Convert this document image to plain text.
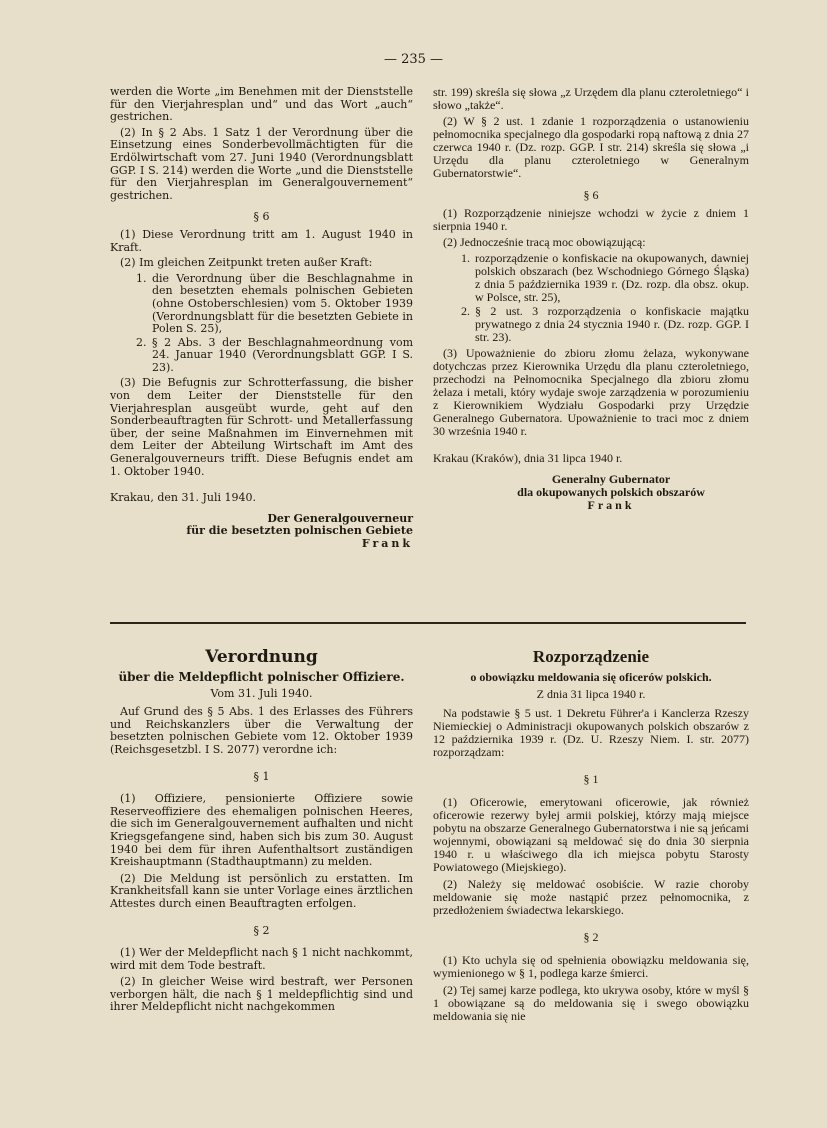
— 235 —

werden die Worte „im Benehmen mit der Dienststelle für den Vierjahresplan und“ und das Wort „auch“ gestrichen.

(2) In § 2 Abs. 1 Satz 1 der Verordnung über die Einsetzung eines Sonderbevollmächtigten für die Erdölwirtschaft vom 27. Juni 1940 (Verordnungsblatt GGP. I S. 214) werden die Worte „und die Dienststelle für den Vierjahresplan im Generalgouvernement“ gestrichen.

§ 6

(1) Diese Verordnung tritt am 1. August 1940 in Kraft.

(2) Im gleichen Zeitpunkt treten außer Kraft:

1. die Verordnung über die Beschlagnahme in den besetzten ehemals polnischen Gebieten (ohne Ostoberschlesien) vom 5. Oktober 1939 (Verordnungsblatt für die besetzten Gebiete in Polen S. 25),
2. § 2 Abs. 3 der Beschlagnahmeordnung vom 24. Januar 1940 (Verordnungsblatt GGP. I S. 23).

(3) Die Befugnis zur Schrotterfassung, die bisher von dem Leiter der Dienststelle für den Vierjahresplan ausgeübt wurde, geht auf den Sonderbeauftragten für Schrott- und Metallerfassung über, der seine Maßnahmen im Einvernehmen mit dem Leiter der Abteilung Wirtschaft im Amt des Generalgouverneurs trifft. Diese Befugnis endet am 1. Oktober 1940.

Krakau, den 31. Juli 1940.

Der Generalgouverneur
für die besetzten polnischen Gebiete
Frank

str. 199) skreśla się słowa „z Urzędem dla planu czteroletniego“ i słowo „także“.

(2) W § 2 ust. 1 zdanie 1 rozporządzenia o ustanowieniu pełnomocnika specjalnego dla gospodarki ropą naftową z dnia 27 czerwca 1940 r. (Dz. rozp. GGP. I str. 214) skreśla się słowa „i Urzędu dla planu czteroletniego w Generalnym Gubernatorstwie“.

§ 6

(1) Rozporządzenie niniejsze wchodzi w życie z dniem 1 sierpnia 1940 r.

(2) Jednocześnie tracą moc obowiązującą:

1. rozporządzenie o konfiskacie na okupowanych, dawniej polskich obszarach (bez Wschodniego Górnego Śląska) z dnia 5 października 1939 r. (Dz. rozp. dla obsz. okup. w Polsce, str. 25),
2. § 2 ust. 3 rozporządzenia o konfiskacie majątku prywatnego z dnia 24 stycznia 1940 r. (Dz. rozp. GGP. I str. 23).

(3) Upoważnienie do zbioru złomu żelaza, wykonywane dotychczas przez Kierownika Urzędu dla planu czteroletniego, przechodzi na Pełnomocnika Specjalnego dla zbioru złomu żelaza i metali, który wydaje swoje zarządzenia w porozumieniu z Kierownikiem Wydziału Gospodarki przy Urzędzie Generalnego Gubernatora. Upoważnienie to traci moc z dniem 30 września 1940 r.

Krakau (Kraków), dnia 31 lipca 1940 r.

Generalny Gubernator
dla okupowanych polskich obszarów
Frank
Verordnung
über die Meldepflicht polnischer Offiziere.
Vom 31. Juli 1940.

Auf Grund des § 5 Abs. 1 des Erlasses des Führers und Reichskanzlers über die Verwaltung der besetzten polnischen Gebiete vom 12. Oktober 1939 (Reichsgesetzbl. I S. 2077) verordne ich:

§ 1

(1) Offiziere, pensionierte Offiziere sowie Reserveoffiziere des ehemaligen polnischen Heeres, die sich im Generalgouvernement aufhalten und nicht Kriegsgefangene sind, haben sich bis zum 30. August 1940 bei dem für ihren Aufenthaltsort zuständigen Kreishauptmann (Stadthauptmann) zu melden.

(2) Die Meldung ist persönlich zu erstatten. Im Krankheitsfall kann sie unter Vorlage eines ärztlichen Attestes durch einen Beauftragten erfolgen.

§ 2

(1) Wer der Meldepflicht nach § 1 nicht nachkommt, wird mit dem Tode bestraft.

(2) In gleicher Weise wird bestraft, wer Personen verborgen hält, die nach § 1 meldepflichtig sind und ihrer Meldepflicht nicht nachgekommen

Rozporządzenie
o obowiązku meldowania się oficerów polskich.
Z dnia 31 lipca 1940 r.

Na podstawie § 5 ust. 1 Dekretu Führer'a i Kanclerza Rzeszy Niemieckiej o Administracji okupowanych polskich obszarów z 12 października 1939 r. (Dz. U. Rzeszy Niem. I. str. 2077) rozporządzam:

§ 1

(1) Oficerowie, emerytowani oficerowie, jak również oficerowie rezerwy byłej armii polskiej, którzy mają miejsce pobytu na obszarze Generalnego Gubernatorstwa i nie są jeńcami wojennymi, obowiązani są meldować się do dnia 30 sierpnia 1940 r. u właściwego dla ich miejsca pobytu Starosty Powiatowego (Miejskiego).

(2) Należy się meldować osobiście. W razie choroby meldowanie się może nastąpić przez pełnomocnika, z przedłożeniem świadectwa lekarskiego.

§ 2

(1) Kto uchyla się od spełnienia obowiązku meldowania się, wymienionego w § 1, podlega karze śmierci.

(2) Tej samej karze podlega, kto ukrywa osoby, które w myśl § 1 obowiązane są do meldowania się i swego obowiązku meldowania się nie
